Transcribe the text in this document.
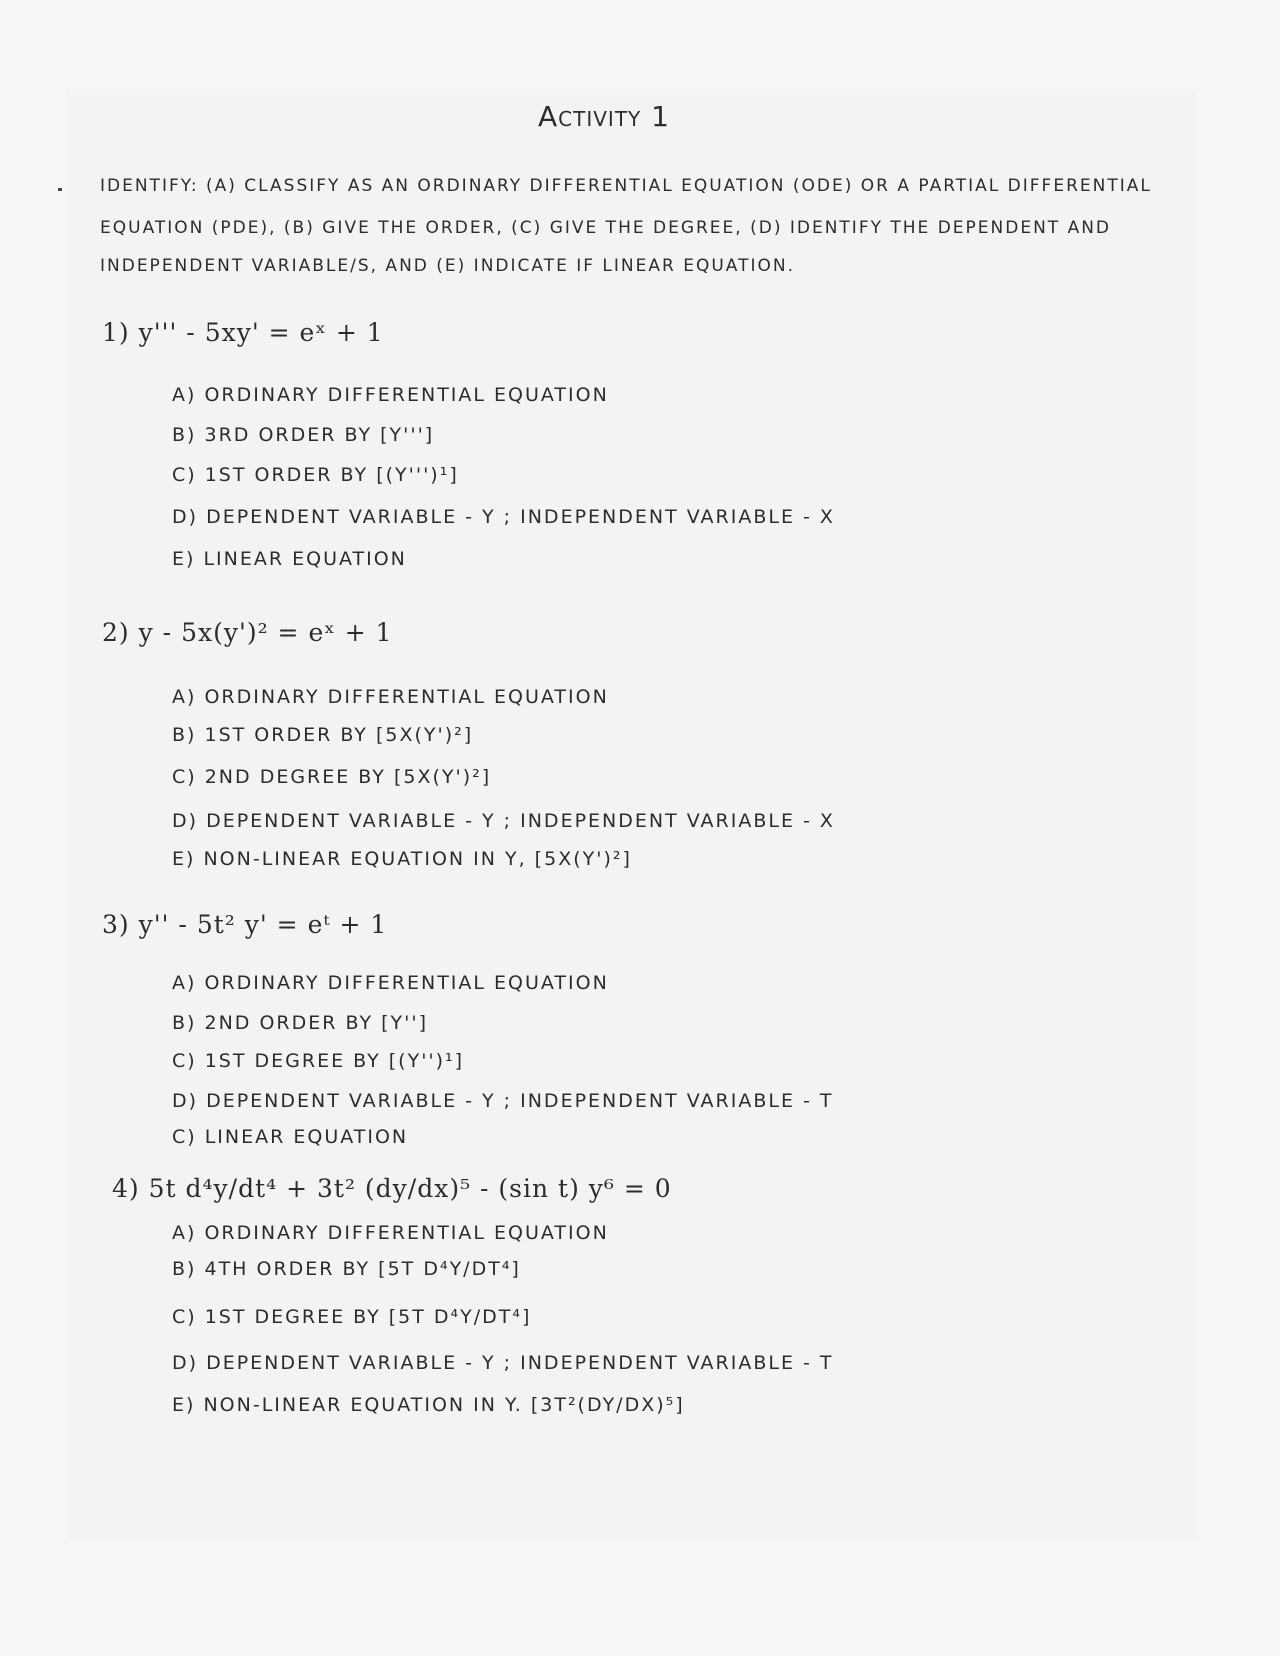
Activity 1
IDENTIFY: (A) CLASSIFY AS AN ORDINARY DIFFERENTIAL EQUATION (ODE) OR A PARTIAL DIFFERENTIAL
EQUATION (PDE), (B) GIVE THE ORDER, (C) GIVE THE DEGREE, (D) IDENTIFY THE DEPENDENT AND
INDEPENDENT VARIABLE/S, AND (E) INDICATE IF LINEAR EQUATION.
1) y''' - 5xy' = eˣ + 1
A) ORDINARY DIFFERENTIAL EQUATION
B) 3RD ORDER BY [Y''']
C) 1ST ORDER BY [(Y''')¹]
D) DEPENDENT VARIABLE - Y ; INDEPENDENT VARIABLE - X
E) LINEAR EQUATION
2) y - 5x(y')² = eˣ + 1
A) ORDINARY DIFFERENTIAL EQUATION
B) 1ST ORDER BY [5X(Y')²]
C) 2ND DEGREE BY [5X(Y')²]
D) DEPENDENT VARIABLE - Y ; INDEPENDENT VARIABLE - X
E) NON-LINEAR EQUATION IN Y, [5X(Y')²]
3) y'' - 5t² y' = eᵗ + 1
A) ORDINARY DIFFERENTIAL EQUATION
B) 2ND ORDER BY [Y'']
C) 1ST DEGREE BY [(Y'')¹]
D) DEPENDENT VARIABLE - Y ; INDEPENDENT VARIABLE - T
C) LINEAR EQUATION
4) 5t d⁴y/dt⁴ + 3t² (dy/dx)⁵ - (sin t) y⁶ = 0
A) ORDINARY DIFFERENTIAL EQUATION
B) 4TH ORDER BY [5T D⁴Y/DT⁴]
C) 1ST DEGREE BY [5T D⁴Y/DT⁴]
D) DEPENDENT VARIABLE - Y ; INDEPENDENT VARIABLE - T
E) NON-LINEAR EQUATION IN Y. [3T²(DY/DX)⁵]
